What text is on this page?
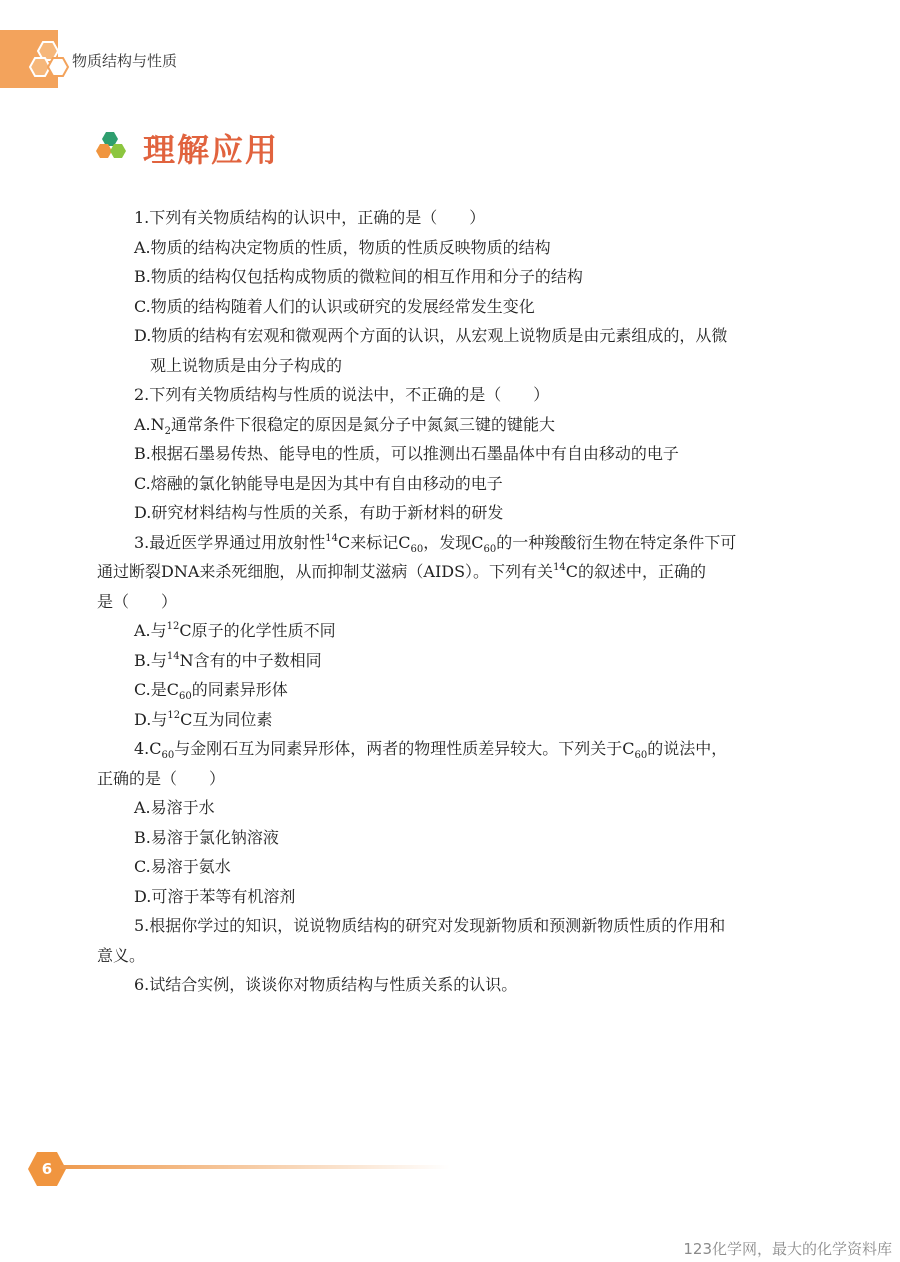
物质结构与性质
理解应用
1.下列有关物质结构的认识中，正确的是（　　）
A.物质的结构决定物质的性质，物质的性质反映物质的结构
B.物质的结构仅包括构成物质的微粒间的相互作用和分子的结构
C.物质的结构随着人们的认识或研究的发展经常发生变化
D.物质的结构有宏观和微观两个方面的认识，从宏观上说物质是由元素组成的，从微
观上说物质是由分子构成的
2.下列有关物质结构与性质的说法中，不正确的是（　　）
$A.N_2$通常条件下很稳定的原因是氮分子中氮氮三键的键能大
B.根据石墨易传热、能导电的性质，可以推测出石墨晶体中有自由移动的电子
C.熔融的氯化钠能导电是因为其中有自由移动的电子
D.研究材料结构与性质的关系，有助于新材料的研发
3.最近医学界通过用放射性$^{14}$C来标记$C_{60}$，发现$C_{60}$的一种羧酸衍生物在特定条件下可
通过断裂DNA来杀死细胞，从而抑制艾滋病（AIDS）。下列有关$^{14}$C的叙述中，正确的
是（　　）
A.与$^{12}$C原子的化学性质不同
B.与$^{14}$N含有的中子数相同
C.是$C_{60}$的同素异形体
D.与$^{12}$C互为同位素
$4.C_{60}$与金刚石互为同素异形体，两者的物理性质差异较大。下列关于$C_{60}$的说法中，
正确的是（　　）
A.易溶于水
B.易溶于氯化钠溶液
C.易溶于氨水
D.可溶于苯等有机溶剂
5.根据你学过的知识，说说物质结构的研究对发现新物质和预测新物质性质的作用和
意义。
6.试结合实例，谈谈你对物质结构与性质关系的认识。
6
123化学网，最大的化学资料库
